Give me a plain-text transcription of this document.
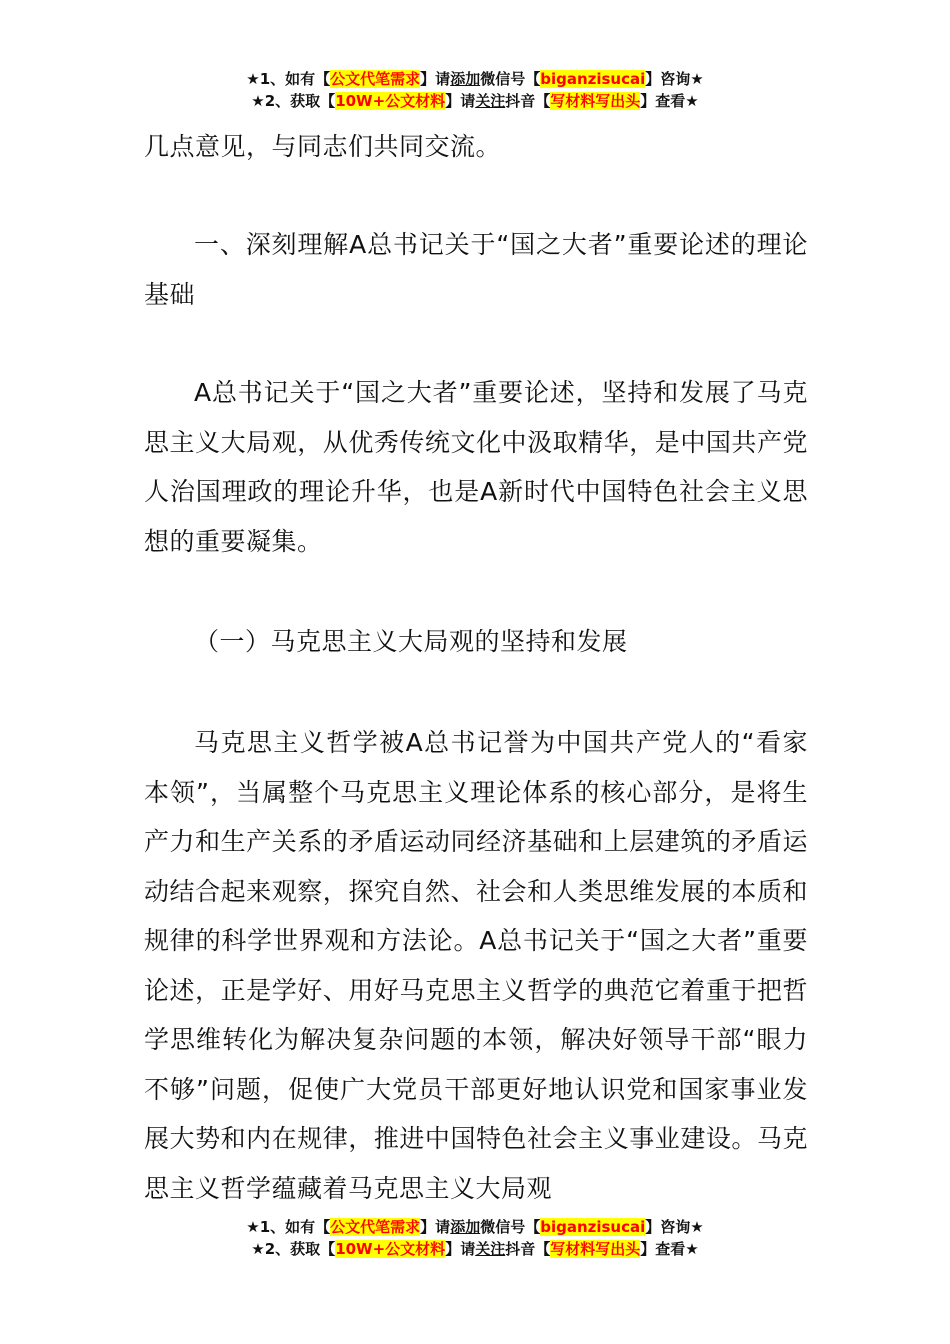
★1、如有【公文代笔需求】请添加微信号【biganzisucai】咨询★
★2、获取【10W+公文材料】请关注抖音【写材料写出头】查看★

几点意见，与同志们共同交流。

一、深刻理解A总书记关于“国之大者”重要论述的理论基础

A总书记关于“国之大者”重要论述，坚持和发展了马克思主义大局观，从优秀传统文化中汲取精华，是中国共产党人治国理政的理论升华，也是A新时代中国特色社会主义思想的重要凝集。

（一）马克思主义大局观的坚持和发展

马克思主义哲学被A总书记誉为中国共产党人的“看家本领”，当属整个马克思主义理论体系的核心部分，是将生产力和生产关系的矛盾运动同经济基础和上层建筑的矛盾运动结合起来观察，探究自然、社会和人类思维发展的本质和规律的科学世界观和方法论。A总书记关于“国之大者”重要论述，正是学好、用好马克思主义哲学的典范它着重于把哲学思维转化为解决复杂问题的本领，解决好领导干部“眼力不够”问题，促使广大党员干部更好地认识党和国家事业发展大势和内在规律，推进中国特色社会主义事业建设。马克思主义哲学蕴藏着马克思主义大局观

★1、如有【公文代笔需求】请添加微信号【biganzisucai】咨询★
★2、获取【10W+公文材料】请关注抖音【写材料写出头】查看★
